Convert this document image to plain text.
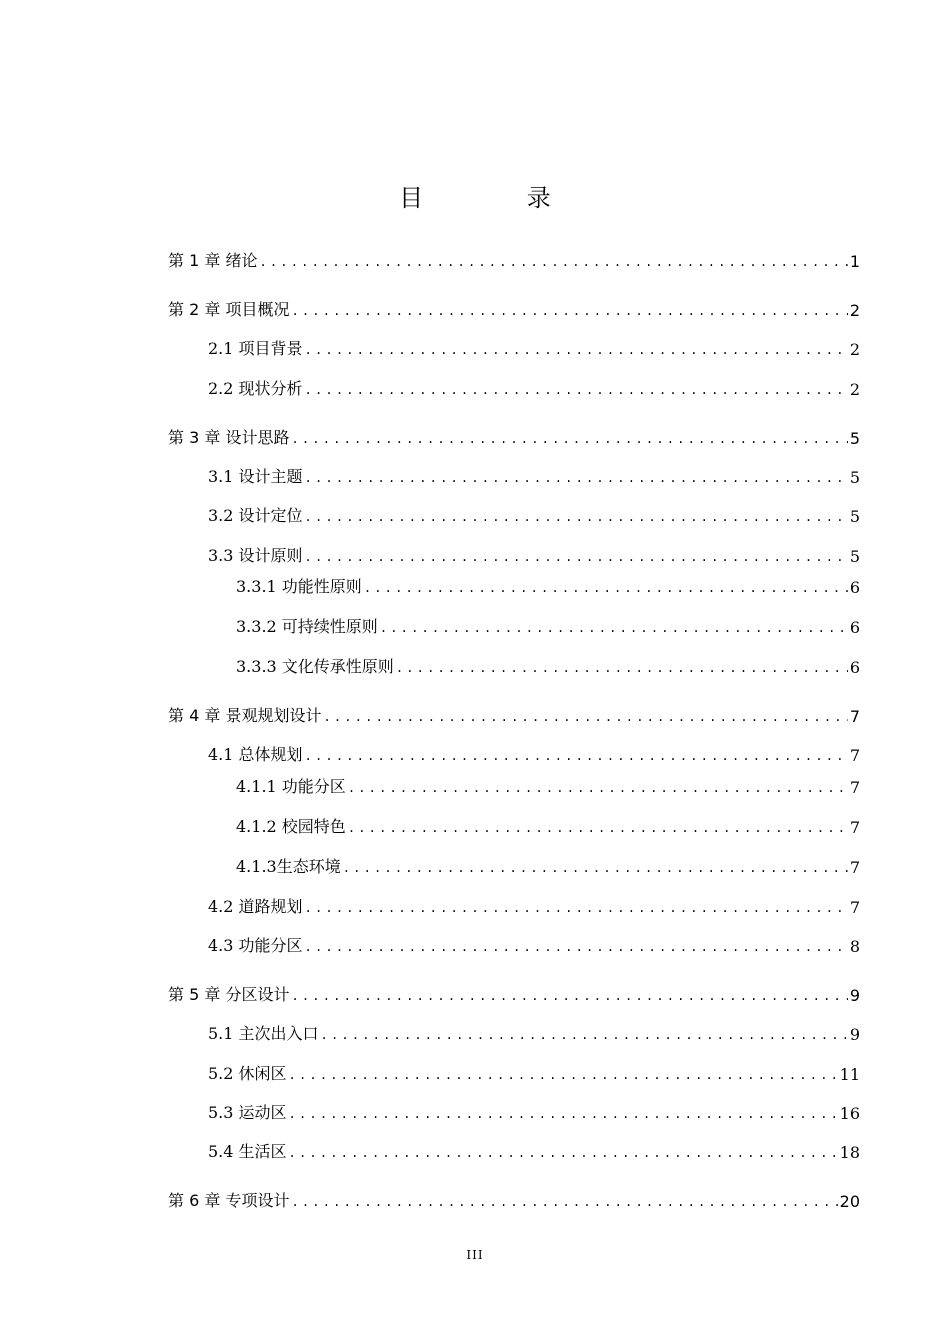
目 录
第 1 章 绪论 .....	1
第 2 章 项目概况 .....	2
2.1 项目背景 .....	2
2.2 现状分析 .....	2
第 3 章 设计思路 .....	5
3.1 设计主题 .....	5
3.2 设计定位 .....	5
3.3 设计原则 .....	5
3.3.1 功能性原则 .....	6
3.3.2 可持续性原则 .....	6
3.3.3 文化传承性原则 .....	6
第 4 章 景观规划设计 .....	7
4.1 总体规划 .....	7
4.1.1 功能分区 .....	7
4.1.2 校园特色 .....	7
4.1.3生态环境 .....	7
4.2 道路规划 .....	7
4.3 功能分区 .....	8
第 5 章 分区设计 .....	9
5.1 主次出入口 .....	9
5.2 休闲区 .....	11
5.3 运动区 .....	16
5.4 生活区 .....	18
第 6 章 专项设计 .....	20
III
